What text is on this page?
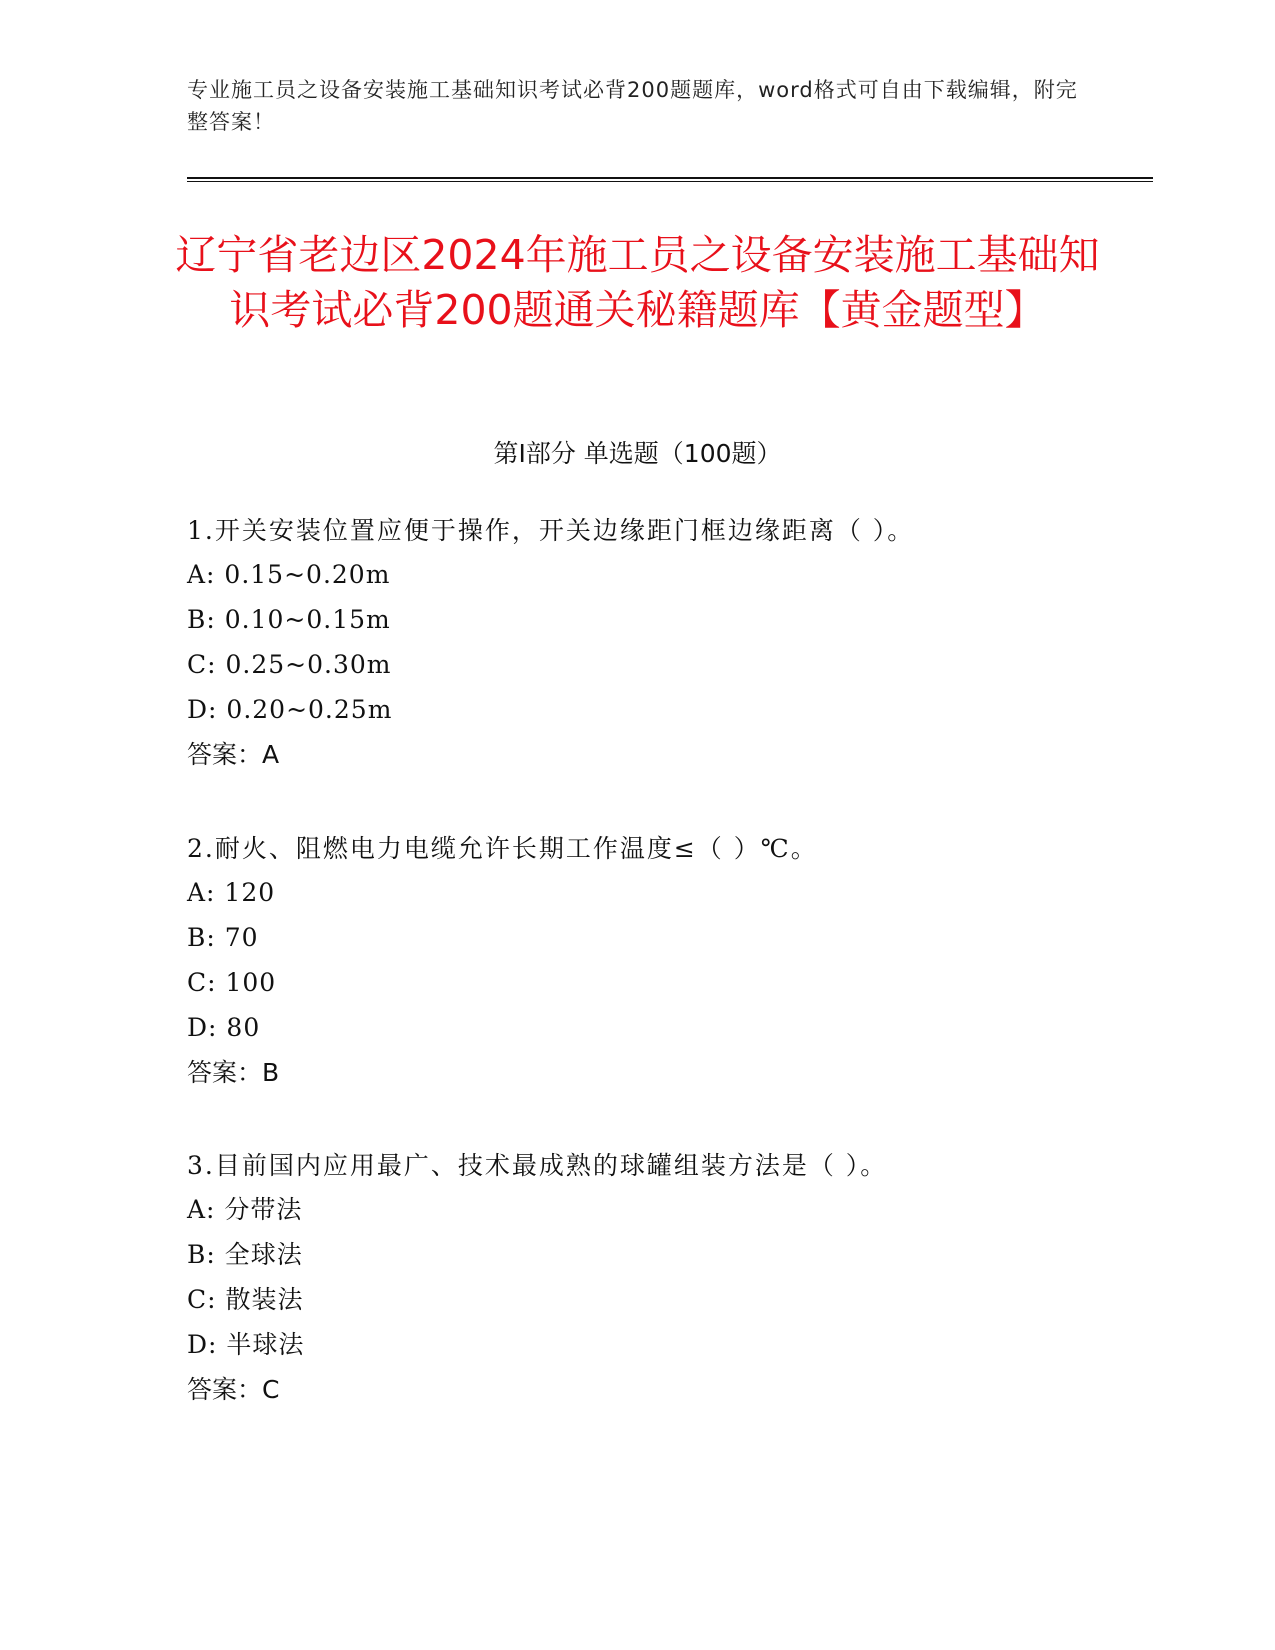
专业施工员之设备安装施工基础知识考试必背200题题库，word格式可自由下载编辑，附完整答案！
辽宁省老边区2024年施工员之设备安装施工基础知识考试必背200题通关秘籍题库【黄金题型】
第I部分 单选题（100题）

1.开关安装位置应便于操作，开关边缘距门框边缘距离（ ）。

A: 0.15~0.20m

B: 0.10~0.15m

C: 0.25~0.30m

D: 0.20~0.25m

答案：A

2.耐火、阻燃电力电缆允许长期工作温度≤（ ）℃。

A: 120

B: 70

C: 100

D: 80

答案：B

3.目前国内应用最广、技术最成熟的球罐组装方法是（ ）。

A: 分带法

B: 全球法

C: 散装法

D: 半球法

答案：C
